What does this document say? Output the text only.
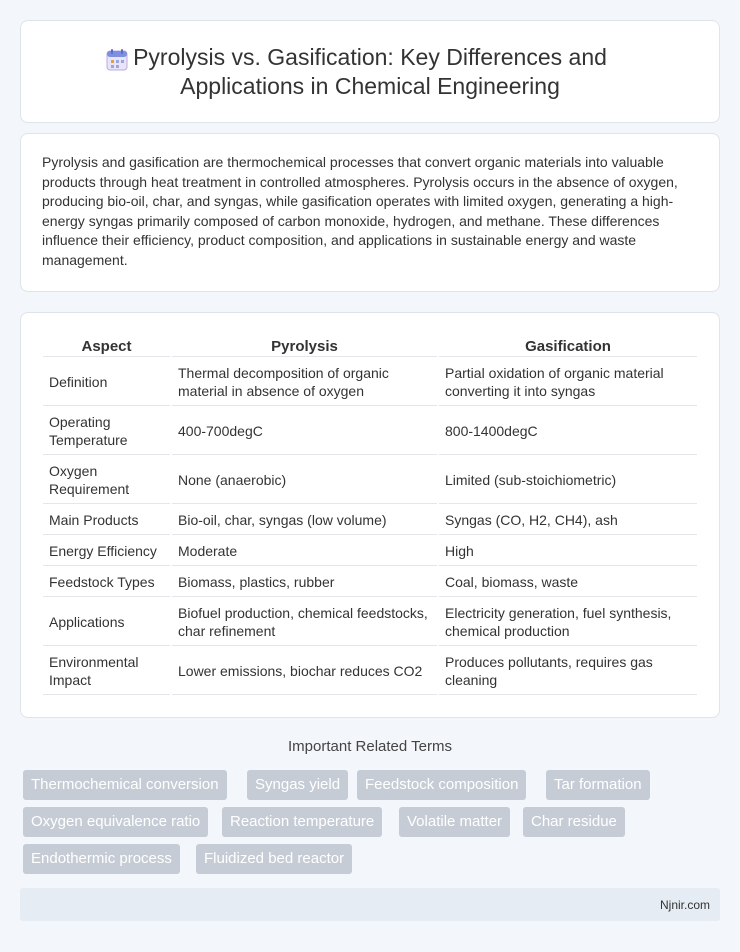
Pyrolysis vs. Gasification: Key Differences and
Applications in Chemical Engineering

Pyrolysis and gasification are thermochemical processes that convert organic materials into valuable products through heat treatment in controlled atmospheres. Pyrolysis occurs in the absence of oxygen, producing bio-oil, char, and syngas, while gasification operates with limited oxygen, generating a high-energy syngas primarily composed of carbon monoxide, hydrogen, and methane. These differences influence their efficiency, product composition, and applications in sustainable energy and waste management.

Aspect	Pyrolysis	Gasification
Definition	Thermal decomposition of organic material in absence of oxygen	Partial oxidation of organic material converting it into syngas
Operating Temperature	400-700degC	800-1400degC
Oxygen Requirement	None (anaerobic)	Limited (sub-stoichiometric)
Main Products	Bio-oil, char, syngas (low volume)	Syngas (CO, H2, CH4), ash
Energy Efficiency	Moderate	High
Feedstock Types	Biomass, plastics, rubber	Coal, biomass, waste
Applications	Biofuel production, chemical feedstocks, char refinement	Electricity generation, fuel synthesis, chemical production
Environmental Impact	Lower emissions, biochar reduces CO2	Produces pollutants, requires gas cleaning
Important Related Terms
Thermochemical conversion	Syngas yield	Feedstock composition	Tar formation
Oxygen equivalence ratio	Reaction temperature	Volatile matter	Char residue
Endothermic process	Fluidized bed reactor
Njnir.com
